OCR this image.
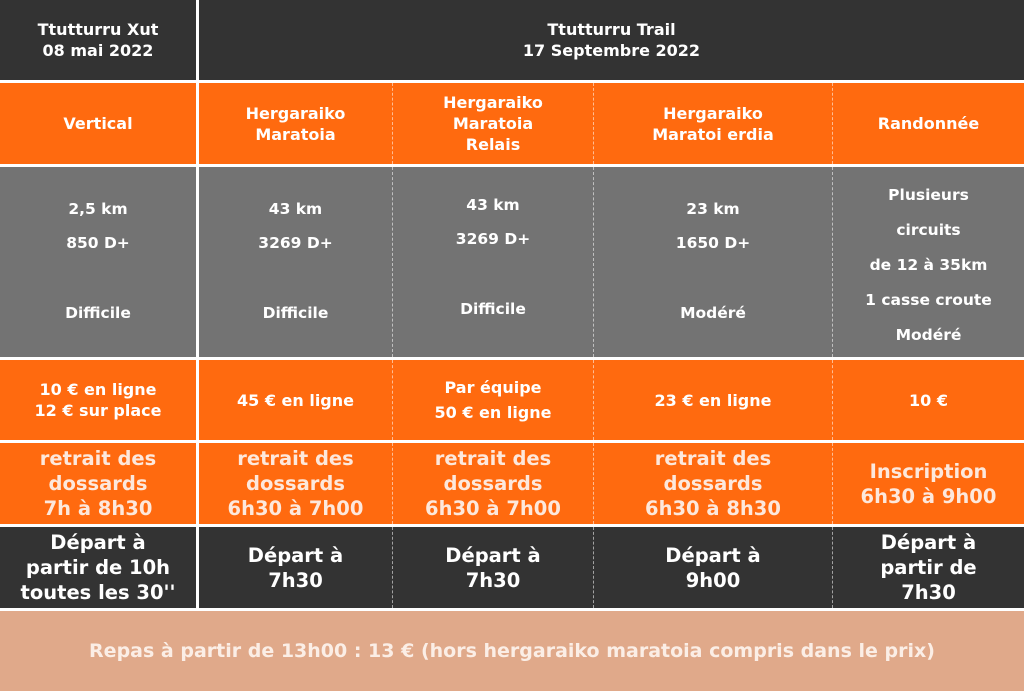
Ttutturru Xut
08 mai 2022
Ttutturru Trail
17 Septembre 2022
Vertical
Hergaraiko
Maratoia
Hergaraiko
Maratoia
Relais
Hergaraiko
Maratoi erdia
Randonnée
2,5 km
850 D+
Difficile
43 km
3269 D+
Difficile
43 km
3269 D+
Difficile
23 km
1650 D+
Modéré
Plusieurs
circuits
de 12 à 35km
1 casse croute
Modéré
10 € en ligne
12 € sur place
45 € en ligne
Par équipe
50 € en ligne
23 € en ligne	10 €
retrait des
dossards
7h à 8h30
retrait des
dossards
6h30 à 7h00
retrait des
dossards
6h30 à 7h00
retrait des
dossards
6h30 à 8h30
Inscription
6h30 à 9h00
Départ à
partir de 10h
toutes les 30''
Départ à
7h30
Départ à
7h30
Départ à
9h00
Départ à
partir de
7h30
Repas à partir de 13h00 : 13 € (hors hergaraiko maratoia compris dans le prix)
